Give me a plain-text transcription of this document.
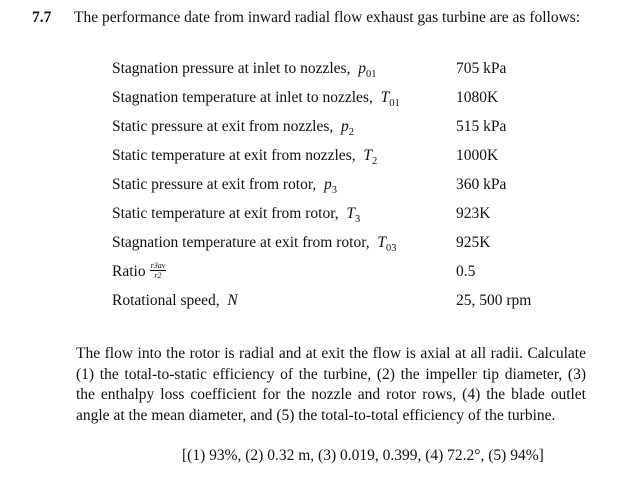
7.7 The performance date from inward radial flow exhaust gas turbine are as follows:
Stagnation pressure at inlet to nozzles, $p_{01}$	705 kPa
Stagnation temperature at inlet to nozzles, $T_{01}$	1080K
Static pressure at exit from nozzles, $p_2$	515 kPa
Static temperature at exit from nozzles, $T_2$	1000K
Static pressure at exit from rotor, $p_3$	360 kPa
Static temperature at exit from rotor, $T_3$	923K
Stagnation temperature at exit from rotor, $T_{03}$	925K
Ratio $\frac{r3av}{r2}$	0.5
Rotational speed, N	25, 500 rpm
The flow into the rotor is radial and at exit the flow is axial at all radii. Calculate (1) the total-to-static efficiency of the turbine, (2) the impeller tip diameter, (3) the enthalpy loss coefficient for the nozzle and rotor rows, (4) the blade outlet angle at the mean diameter, and (5) the total-to-total efficiency of the turbine.
[(1) 93%, (2) 0.32 m, (3) 0.019, 0.399, (4) 72.2°, (5) 94%]
